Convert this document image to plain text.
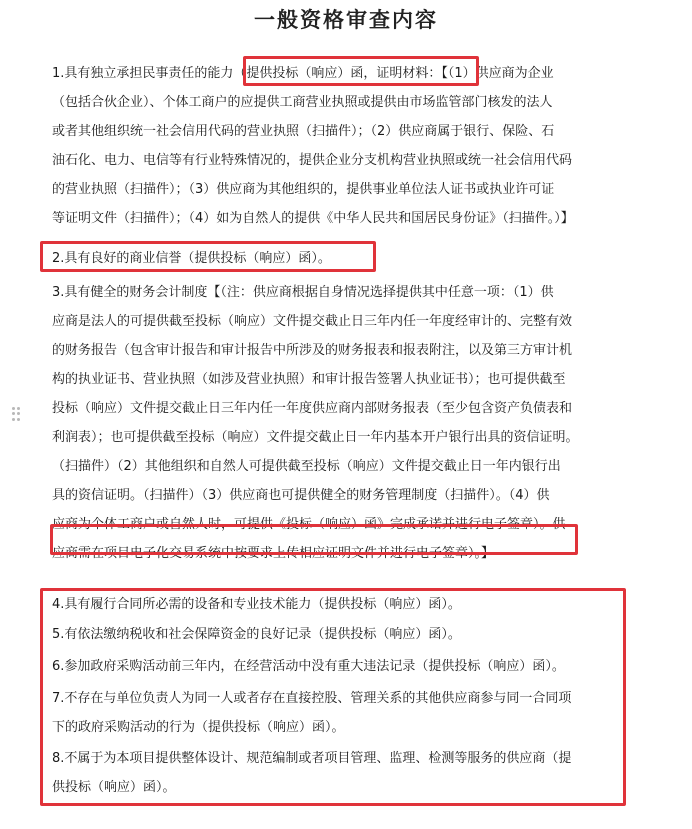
一般资格审查内容
1.具有独立承担民事责任的能力（提供投标（响应）函，证明材料：【（1）供应商为企业
（包括合伙企业）、个体工商户的应提供工商营业执照或提供由市场监管部门核发的法人
或者其他组织统一社会信用代码的营业执照（扫描件）；（2）供应商属于银行、保险、石
油石化、电力、电信等有行业特殊情况的，提供企业分支机构营业执照或统一社会信用代码
的营业执照（扫描件）；（3）供应商为其他组织的，提供事业单位法人证书或执业许可证
等证明文件（扫描件）；（4）如为自然人的提供《中华人民共和国居民身份证》（扫描件。）】
2.具有良好的商业信誉（提供投标（响应）函）。
3.具有健全的财务会计制度【（注：供应商根据自身情况选择提供其中任意一项：（1）供
应商是法人的可提供截至投标（响应）文件提交截止日三年内任一年度经审计的、完整有效
的财务报告（包含审计报告和审计报告中所涉及的财务报表和报表附注，以及第三方审计机
构的执业证书、营业执照（如涉及营业执照）和审计报告签署人执业证书）；也可提供截至
投标（响应）文件提交截止日三年内任一年度供应商内部财务报表（至少包含资产负债表和
利润表）；也可提供截至投标（响应）文件提交截止日一年内基本开户银行出具的资信证明。
（扫描件）（2）其他组织和自然人可提供截至投标（响应）文件提交截止日一年内银行出
具的资信证明。（扫描件）（3）供应商也可提供健全的财务管理制度（扫描件）。（4）供
应商为个体工商户或自然人时，可提供《投标（响应）函》完成承诺并进行电子签章）。供
应商需在项目电子化交易系统中按要求上传相应证明文件并进行电子签章）。】
4.具有履行合同所必需的设备和专业技术能力（提供投标（响应）函）。
5.有依法缴纳税收和社会保障资金的良好记录（提供投标（响应）函）。
6.参加政府采购活动前三年内，在经营活动中没有重大违法记录（提供投标（响应）函）。
7.不存在与单位负责人为同一人或者存在直接控股、管理关系的其他供应商参与同一合同项
下的政府采购活动的行为（提供投标（响应）函）。
8.不属于为本项目提供整体设计、规范编制或者项目管理、监理、检测等服务的供应商（提
供投标（响应）函）。
